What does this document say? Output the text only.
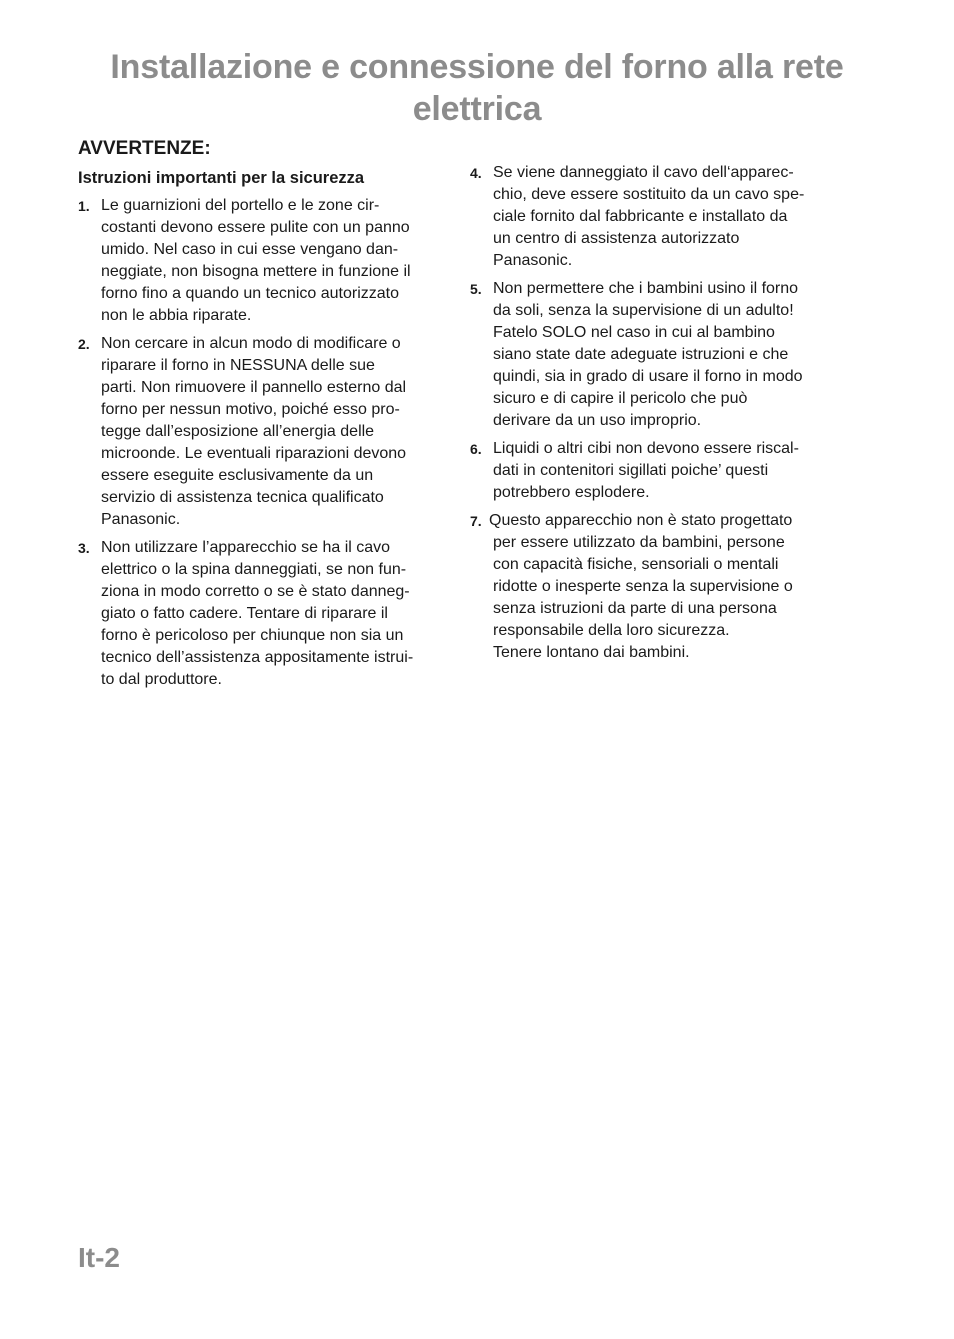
Installazione e connessione del forno alla rete
elettrica
AVVERTENZE:
Istruzioni importanti per la sicurezza
1. Le guarnizioni del portello e le zone cir-
costanti devono essere pulite con un panno
umido. Nel caso in cui esse vengano dan-
neggiate, non bisogna mettere in funzione il
forno fino a quando un tecnico autorizzato
non le abbia riparate.
2. Non cercare in alcun modo di modificare o
riparare il forno in NESSUNA delle sue
parti. Non rimuovere il pannello esterno dal
forno per nessun motivo, poiché esso pro-
tegge dall’esposizione all’energia delle
microonde. Le eventuali riparazioni devono
essere eseguite esclusivamente da un
servizio di assistenza tecnica qualificato
Panasonic.
3. Non utilizzare l’apparecchio se ha il cavo
elettrico o la spina danneggiati, se non fun-
ziona in modo corretto o se è stato danneg-
giato o fatto cadere. Tentare di riparare il
forno è pericoloso per chiunque non sia un
tecnico dell’assistenza appositamente istrui-
to dal produttore.
4. Se viene danneggiato il cavo dell‘apparec-
chio, deve essere sostituito da un cavo spe-
ciale fornito dal fabbricante e installato da
un centro di assistenza autorizzato
Panasonic.
5. Non permettere che i bambini usino il forno
da soli, senza la supervisione di un adulto!
Fatelo SOLO nel caso in cui al bambino
siano state date adeguate istruzioni e che
quindi, sia in grado di usare il forno in modo
sicuro e di capire il pericolo che può
derivare da un uso improprio.
6. Liquidi o altri cibi non devono essere riscal-
dati in contenitori sigillati poiche’ questi
potrebbero esplodere.
7. Questo apparecchio non è stato progettato
per essere utilizzato da bambini, persone
con capacità fisiche, sensoriali o mentali
ridotte o inesperte senza la supervisione o
senza istruzioni da parte di una persona
responsabile della loro sicurezza.
Tenere lontano dai bambini.
It-2
